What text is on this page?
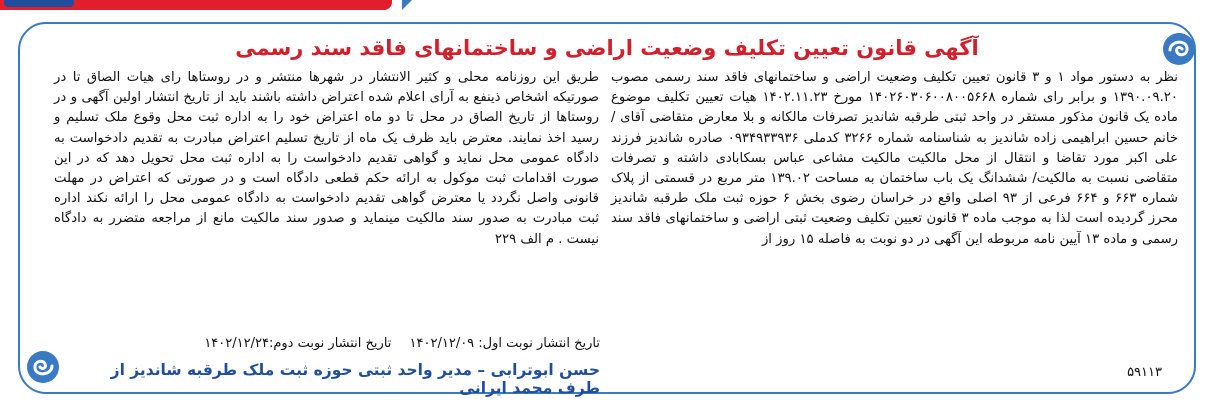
آگهی قانون تعیین تکلیف وضعیت اراضی و ساختمانهای فاقد سند رسمی

نظر به دستور مواد ۱ و ۳ قانون تعیین تکلیف وضعیت اراضی و ساختمانهای فاقد سند رسمی مصوب ۱۳۹۰.۰۹.۲۰ و برابر رای شماره ۱۴۰۲۶۰۳۰۶۰۰۸۰۰۵۶۶۸ مورخ ۱۴۰۲.۱۱.۲۳ هیات تعیین تکلیف موضوع ماده یک قانون مذکور مستقر در واحد ثبتی طرقبه شاندیز تصرفات مالکانه و بلا معارض متقاضی آقای / خانم حسین ابراهیمی زاده شاندیز به شناسنامه شماره ۳۲۶۶ کدملی ۰۹۳۴۹۳۳۹۳۶ صادره شاندیز فرزند علی اکبر مورد تقاضا و انتقال از محل مالکیت مالکیت مشاعی عباس بسکابادی داشته و تصرفات متقاضی نسبت به مالکیت/ ششدانگ یک باب ساختمان به مساحت ۱۳۹.۰۲ متر مربع در قسمتی از پلاک شماره ۶۶۳ و ۶۶۴ فرعی از ۹۳ اصلی واقع در خراسان رضوی بخش ۶ حوزه ثبت ملک طرقبه شاندیز محرز گردیده است لذا به موجب ماده ۳ قانون تعیین تکلیف وضعیت ثبتی اراضی و ساختمانهای فاقد سند رسمی و ماده ۱۳ آیین نامه مربوطه این آگهی در دو نوبت به فاصله ۱۵ روز از

طریق این روزنامه محلی و کثیر الانتشار در شهرها منتشر و در روستاها رای هیات الصاق تا در صورتیکه اشخاص ذینفع به آرای اعلام شده اعتراض داشته باشند باید از تاریخ انتشار اولین آگهی و در روستاها از تاریخ الصاق در محل تا دو ماه اعتراض خود را به اداره ثبت محل وقوع ملک تسلیم و رسید اخذ نمایند. معترض باید ظرف یک ماه از تاریخ تسلیم اعتراض مبادرت به تقدیم دادخواست به دادگاه عمومی محل نماید و گواهی تقدیم دادخواست را به اداره ثبت محل تحویل دهد که در این صورت اقدامات ثبت موکول به ارائه حکم قطعی دادگاه است و در صورتی که اعتراض در مهلت قانونی واصل نگردد یا معترض گواهی تقدیم دادخواست به دادگاه عمومی محل را ارائه نکند اداره ثبت مبادرت به صدور سند مالکیت مینماید و صدور سند مالکیت مانع از مراجعه متضرر به دادگاه نیست . م الف ۲۲۹

تاریخ انتشار نوبت اول: ۱۴۰۲/۱۲/۰۹ تاریخ انتشار نوبت دوم:۱۴۰۲/۱۲/۲۴
حسن ابوترابی – مدیر واحد ثبتی حوزه ثبت ملک طرقبه شاندیز از طرف محمد ایرانی
۵۹۱۱۳
